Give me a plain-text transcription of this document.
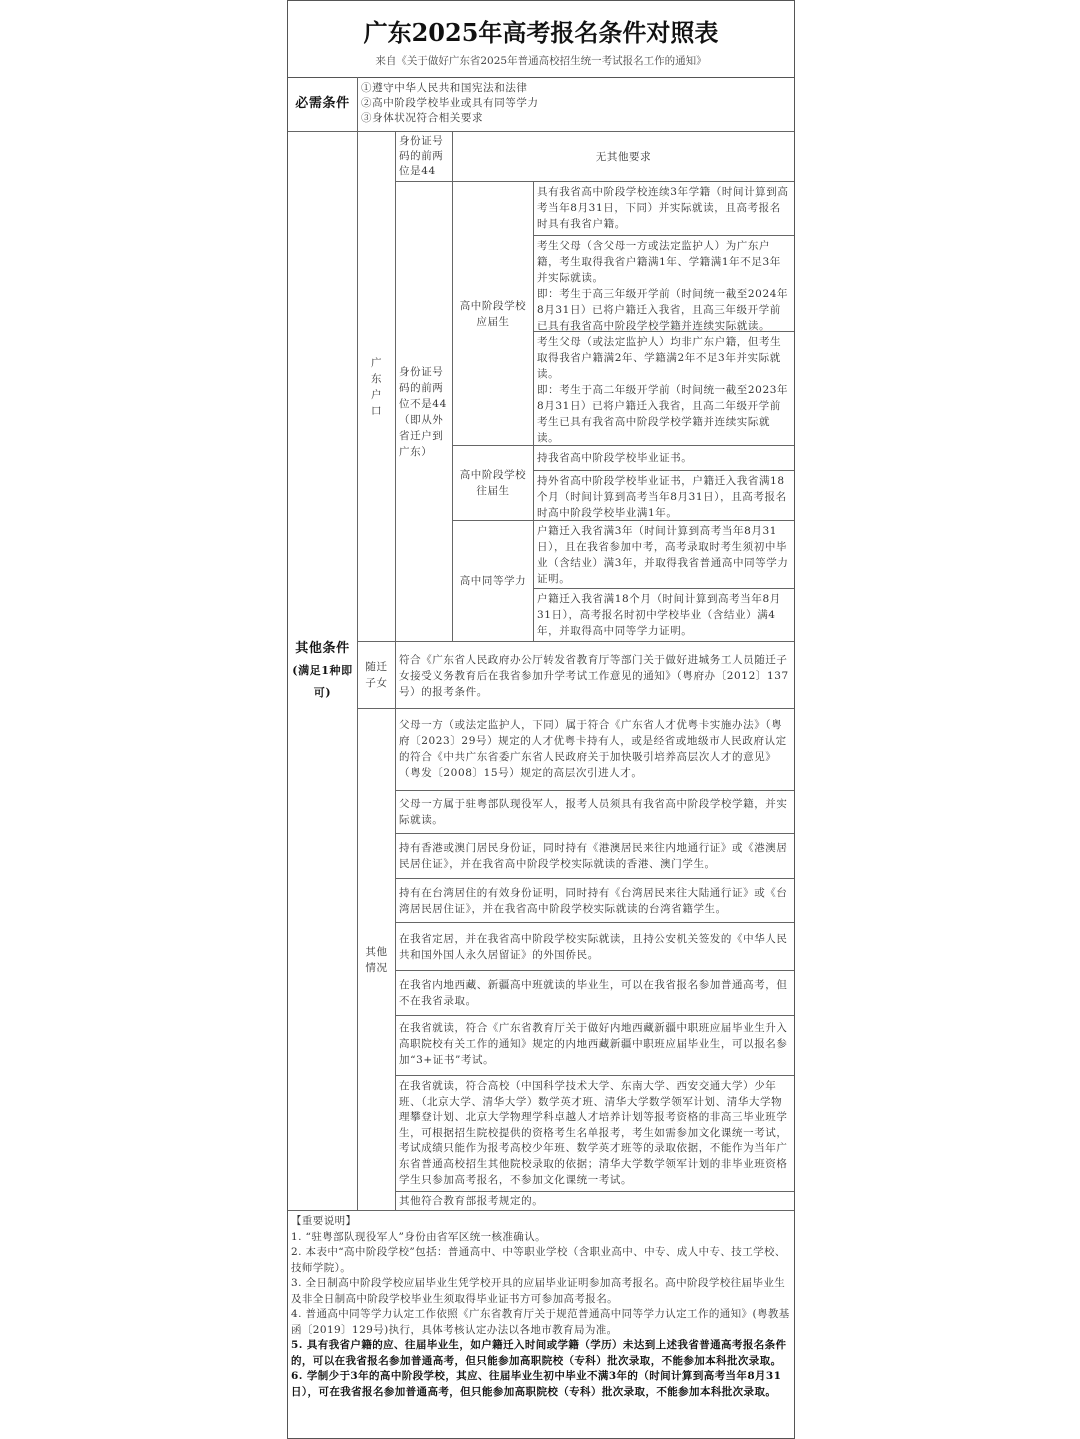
广东2025年高考报名条件对照表

来自《关于做好广东省2025年普通高校招生统一考试报名工作的通知》

必需条件
①遵守中华人民共和国宪法和法律
②高中阶段学校毕业或具有同等学力
③身体状况符合相关要求
其他条件
(满足1种即可)
广东户口
身份证号码的前两位是44
无其他要求
身份证号码的前两位不是44（即从外省迁户到广东）
高中阶段学校应届生
具有我省高中阶段学校连续3年学籍（时间计算到高考当年8月31日，下同）并实际就读，且高考报名时具有我省户籍。
考生父母（含父母一方或法定监护人）为广东户籍，考生取得我省户籍满1年、学籍满1年不足3年并实际就读。
即：考生于高三年级开学前（时间统一截至2024年8月31日）已将户籍迁入我省，且高三年级开学前已具有我省高中阶段学校学籍并连续实际就读。
考生父母（或法定监护人）均非广东户籍，但考生取得我省户籍满2年、学籍满2年不足3年并实际就读。
即：考生于高二年级开学前（时间统一截至2023年8月31日）已将户籍迁入我省，且高二年级开学前考生已具有我省高中阶段学校学籍并连续实际就读。
高中阶段学校往届生
持我省高中阶段学校毕业证书。
持外省高中阶段学校毕业证书，户籍迁入我省满18个月（时间计算到高考当年8月31日），且高考报名时高中阶段学校毕业满1年。
高中同等学力
户籍迁入我省满3年（时间计算到高考当年8月31日），且在我省参加中考，高考录取时考生须初中毕业（含结业）满3年，并取得我省普通高中同等学力证明。
户籍迁入我省满18个月（时间计算到高考当年8月31日），高考报名时初中学校毕业（含结业）满4年，并取得高中同等学力证明。
随迁子女
符合《广东省人民政府办公厅转发省教育厅等部门关于做好进城务工人员随迁子女接受义务教育后在我省参加升学考试工作意见的通知》（粤府办〔2012〕137号）的报考条件。
其他情况
父母一方（或法定监护人，下同）属于符合《广东省人才优粤卡实施办法》（粤府〔2023〕29号）规定的人才优粤卡持有人，或是经省或地级市人民政府认定的符合《中共广东省委广东省人民政府关于加快吸引培养高层次人才的意见》（粤发〔2008〕15号）规定的高层次引进人才。
父母一方属于驻粤部队现役军人，报考人员须具有我省高中阶段学校学籍，并实际就读。
持有香港或澳门居民身份证，同时持有《港澳居民来往内地通行证》或《港澳居民居住证》，并在我省高中阶段学校实际就读的香港、澳门学生。
持有在台湾居住的有效身份证明，同时持有《台湾居民来往大陆通行证》或《台湾居民居住证》，并在我省高中阶段学校实际就读的台湾省籍学生。
在我省定居，并在我省高中阶段学校实际就读，且持公安机关签发的《中华人民共和国外国人永久居留证》的外国侨民。
在我省内地西藏、新疆高中班就读的毕业生，可以在我省报名参加普通高考，但不在我省录取。
在我省就读，符合《广东省教育厅关于做好内地西藏新疆中职班应届毕业生升入高职院校有关工作的通知》规定的内地西藏新疆中职班应届毕业生，可以报名参加“3+证书”考试。
在我省就读，符合高校（中国科学技术大学、东南大学、西安交通大学）少年班、（北京大学、清华大学）数学英才班、清华大学数学领军计划、清华大学物理攀登计划、北京大学物理学科卓越人才培养计划等报考资格的非高三毕业班学生，可根据招生院校提供的资格考生名单报考，考生如需参加文化课统一考试，考试成绩只能作为报考高校少年班、数学英才班等的录取依据，不能作为当年广东省普通高校招生其他院校录取的依据；清华大学数学领军计划的非毕业班资格学生只参加高考报名，不参加文化课统一考试。
其他符合教育部报考规定的。
【重要说明】
1. “驻粤部队现役军人”身份由省军区统一核准确认。
2. 本表中“高中阶段学校”包括：普通高中、中等职业学校（含职业高中、中专、成人中专、技工学校、技师学院）。
3. 全日制高中阶段学校应届毕业生凭学校开具的应届毕业证明参加高考报名。高中阶段学校往届毕业生及非全日制高中阶段学校毕业生须取得毕业证书方可参加高考报名。
4. 普通高中同等学力认定工作依照《广东省教育厅关于规范普通高中同等学力认定工作的通知》(粤教基函〔2019〕129号)执行，具体考核认定办法以各地市教育局为准。
5. 具有我省户籍的应、往届毕业生，如户籍迁入时间或学籍（学历）未达到上述我省普通高考报名条件的，可以在我省报名参加普通高考，但只能参加高职院校（专科）批次录取，不能参加本科批次录取。
6. 学制少于3年的高中阶段学校，其应、往届毕业生初中毕业不满3年的（时间计算到高考当年8月31日），可在我省报名参加普通高考，但只能参加高职院校（专科）批次录取，不能参加本科批次录取。
